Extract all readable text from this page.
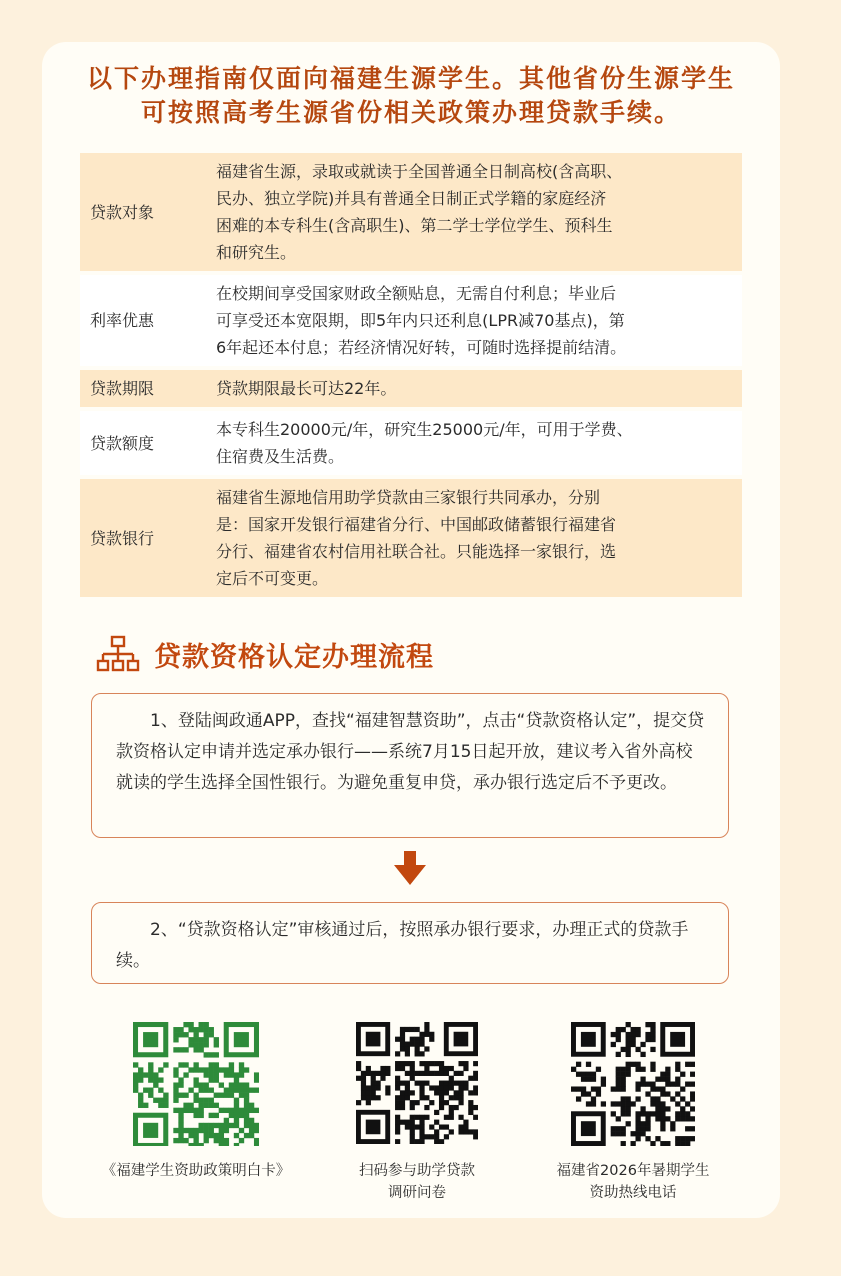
以下办理指南仅面向福建生源学生。其他省份生源学生
可按照高考生源省份相关政策办理贷款手续。
贷款对象	福建省生源，录取或就读于全国普通全日制高校(含高职、
民办、独立学院)并具有普通全日制正式学籍的家庭经济
困难的本专科生(含高职生)、第二学士学位学生、预科生
和研究生。

利率优惠	在校期间享受国家财政全额贴息，无需自付利息；毕业后
可享受还本宽限期，即5年内只还利息(LPR减70基点)，第
6年起还本付息；若经济情况好转，可随时选择提前结清。

贷款期限	贷款期限最长可达22年。

贷款额度	本专科生20000元/年，研究生25000元/年，可用于学费、
住宿费及生活费。

贷款银行	福建省生源地信用助学贷款由三家银行共同承办，分别
是：国家开发银行福建省分行、中国邮政储蓄银行福建省
分行、福建省农村信用社联合社。只能选择一家银行，选
定后不可变更。
贷款资格认定办理流程

1、登陆闽政通APP，查找“福建智慧资助”，点击“贷款资格认定”，提交贷款资格认定申请并选定承办银行——系统7月15日起开放，建议考入省外高校就读的学生选择全国性银行。为避免重复申贷，承办银行选定后不予更改。

2、“贷款资格认定”审核通过后，按照承办银行要求，办理正式的贷款手续。

《福建学生资助政策明白卡》	扫码参与助学贷款
调研问卷
福建省2026年暑期学生
资助热线电话
